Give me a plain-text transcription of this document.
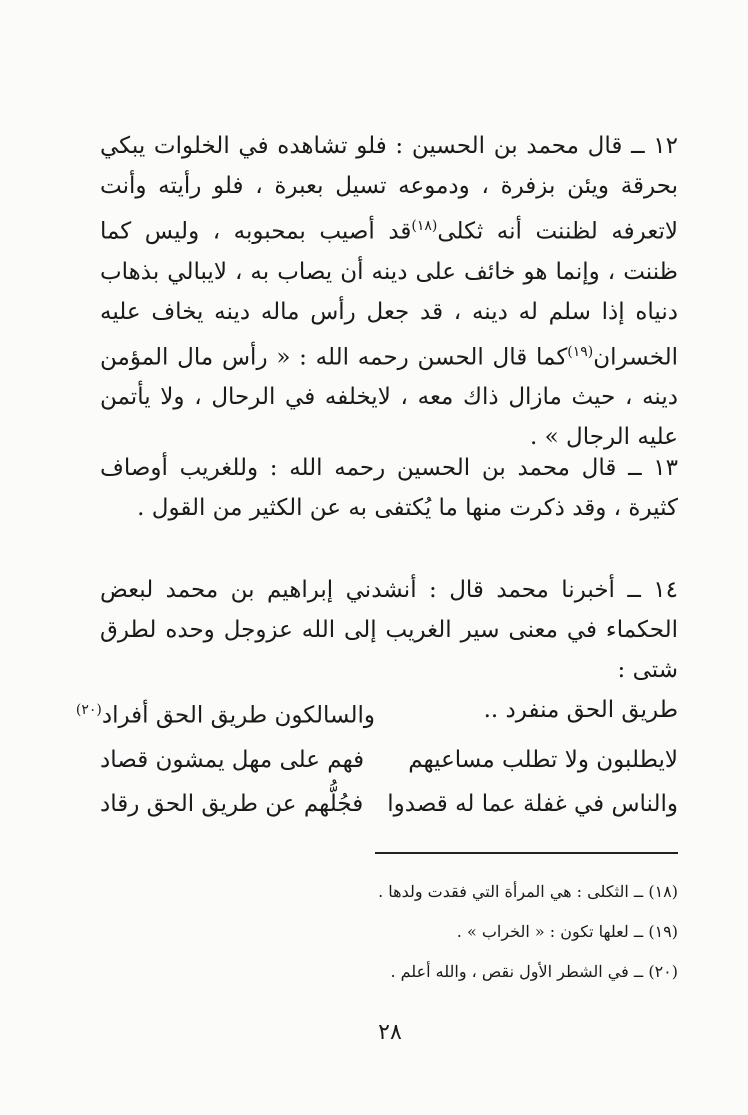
١٢ ــ قال محمد بن الحسين : فلو تشاهده في الخلوات يبكي بحرقة ويئن بزفرة ، ودموعه تسيل بعبرة ، فلو رأيته وأنت لاتعرفه لظننت أنه ثكلى$^{(١٨)}$قد أصيب بمحبوبه ، وليس كما ظننت ، وإنما هو خائف على دينه أن يصاب به ، لايبالي بذهاب دنياه إذا سلم له دينه ، قد جعل رأس ماله دينه يخاف عليه الخسران$^{(١٩)}$كما قال الحسن رحمه الله : « رأس مال المؤمن دينه ، حيث مازال ذاك معه ، لايخلفه في الرحال ، ولا يأتمن عليه الرجال » .

١٣ ــ قال محمد بن الحسين رحمه الله : وللغريب أوصاف كثيرة ، وقد ذكرت منها ما يُكتفى به عن الكثير من القول .

١٤ ــ أخبرنا محمد قال : أنشدني إبراهيم بن محمد لبعض الحكماء في معنى سير الغريب إلى الله عزوجل وحده لطرق شتى :

طريق الحق منفرد ..
والسالكون طريق الحق أفراد$^{(٢٠)}$
لايطلبون ولا تطلب مساعيهم
فهم على مهل يمشون قصاد
والناس في غفلة عما له قصدوا
فجُلُّهم عن طريق الحق رقاد
(١٨) ــ الثكلى : هي المرأة التي فقدت ولدها .
(١٩) ــ لعلها تكون : « الخراب » .
(٢٠) ــ في الشطر الأول نقص ، والله أعلم .
٢٨
